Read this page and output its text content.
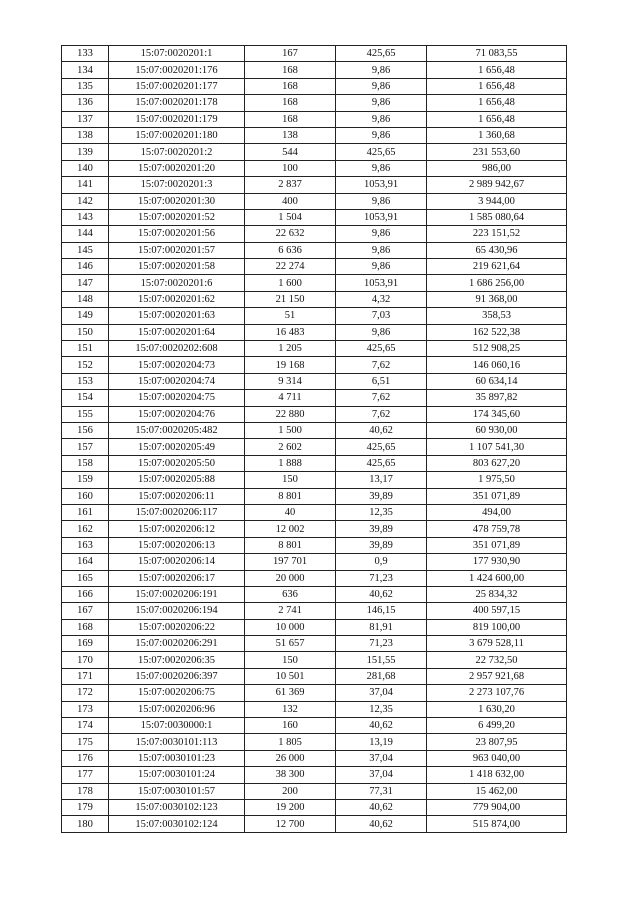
133	15:07:0020201:1	167	425,65	71 083,55
134	15:07:0020201:176	168	9,86	1 656,48
135	15:07:0020201:177	168	9,86	1 656,48
136	15:07:0020201:178	168	9,86	1 656,48
137	15:07:0020201:179	168	9,86	1 656,48
138	15:07:0020201:180	138	9,86	1 360,68
139	15:07:0020201:2	544	425,65	231 553,60
140	15:07:0020201:20	100	9,86	986,00
141	15:07:0020201:3	2 837	1053,91	2 989 942,67
142	15:07:0020201:30	400	9,86	3 944,00
143	15:07:0020201:52	1 504	1053,91	1 585 080,64
144	15:07:0020201:56	22 632	9,86	223 151,52
145	15:07:0020201:57	6 636	9,86	65 430,96
146	15:07:0020201:58	22 274	9,86	219 621,64
147	15:07:0020201:6	1 600	1053,91	1 686 256,00
148	15:07:0020201:62	21 150	4,32	91 368,00
149	15:07:0020201:63	51	7,03	358,53
150	15:07:0020201:64	16 483	9,86	162 522,38
151	15:07:0020202:608	1 205	425,65	512 908,25
152	15:07:0020204:73	19 168	7,62	146 060,16
153	15:07:0020204:74	9 314	6,51	60 634,14
154	15:07:0020204:75	4 711	7,62	35 897,82
155	15:07:0020204:76	22 880	7,62	174 345,60
156	15:07:0020205:482	1 500	40,62	60 930,00
157	15:07:0020205:49	2 602	425,65	1 107 541,30
158	15:07:0020205:50	1 888	425,65	803 627,20
159	15:07:0020205:88	150	13,17	1 975,50
160	15:07:0020206:11	8 801	39,89	351 071,89
161	15:07:0020206:117	40	12,35	494,00
162	15:07:0020206:12	12 002	39,89	478 759,78
163	15:07:0020206:13	8 801	39,89	351 071,89
164	15:07:0020206:14	197 701	0,9	177 930,90
165	15:07:0020206:17	20 000	71,23	1 424 600,00
166	15:07:0020206:191	636	40,62	25 834,32
167	15:07:0020206:194	2 741	146,15	400 597,15
168	15:07:0020206:22	10 000	81,91	819 100,00
169	15:07:0020206:291	51 657	71,23	3 679 528,11
170	15:07:0020206:35	150	151,55	22 732,50
171	15:07:0020206:397	10 501	281,68	2 957 921,68
172	15:07:0020206:75	61 369	37,04	2 273 107,76
173	15:07:0020206:96	132	12,35	1 630,20
174	15:07:0030000:1	160	40,62	6 499,20
175	15:07:0030101:113	1 805	13,19	23 807,95
176	15:07:0030101:23	26 000	37,04	963 040,00
177	15:07:0030101:24	38 300	37,04	1 418 632,00
178	15:07:0030101:57	200	77,31	15 462,00
179	15:07:0030102:123	19 200	40,62	779 904,00
180	15:07:0030102:124	12 700	40,62	515 874,00
